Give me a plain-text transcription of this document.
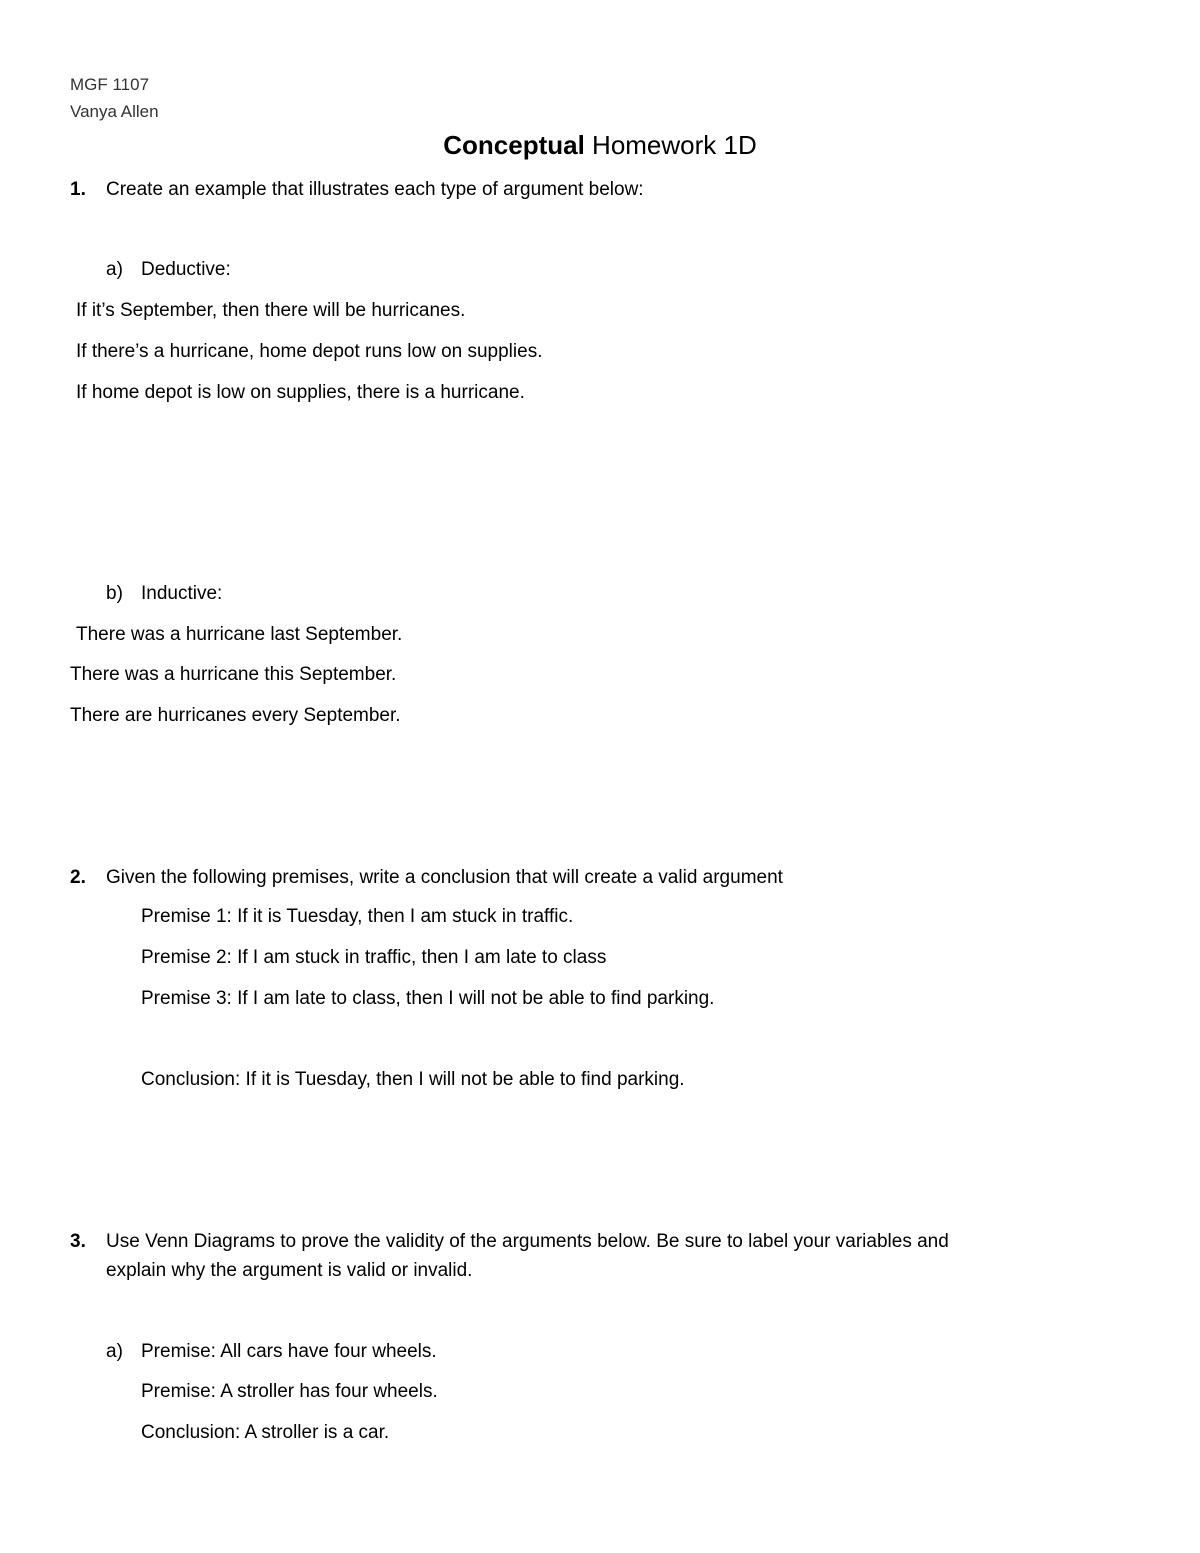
MGF 1107
Vanya Allen
Conceptual Homework 1D
1. Create an example that illustrates each type of argument below:
a) Deductive:
If it’s September, then there will be hurricanes.
If there’s a hurricane, home depot runs low on supplies.
If home depot is low on supplies, there is a hurricane.
b) Inductive:
There was a hurricane last September.
There was a hurricane this September.
There are hurricanes every September.
2. Given the following premises, write a conclusion that will create a valid argument
Premise 1: If it is Tuesday, then I am stuck in traffic.
Premise 2: If I am stuck in traffic, then I am late to class
Premise 3: If I am late to class, then I will not be able to find parking.
Conclusion: If it is Tuesday, then I will not be able to find parking.
3. Use Venn Diagrams to prove the validity of the arguments below. Be sure to label your variables and
explain why the argument is valid or invalid.
a) Premise: All cars have four wheels.
Premise: A stroller has four wheels.
Conclusion: A stroller is a car.
